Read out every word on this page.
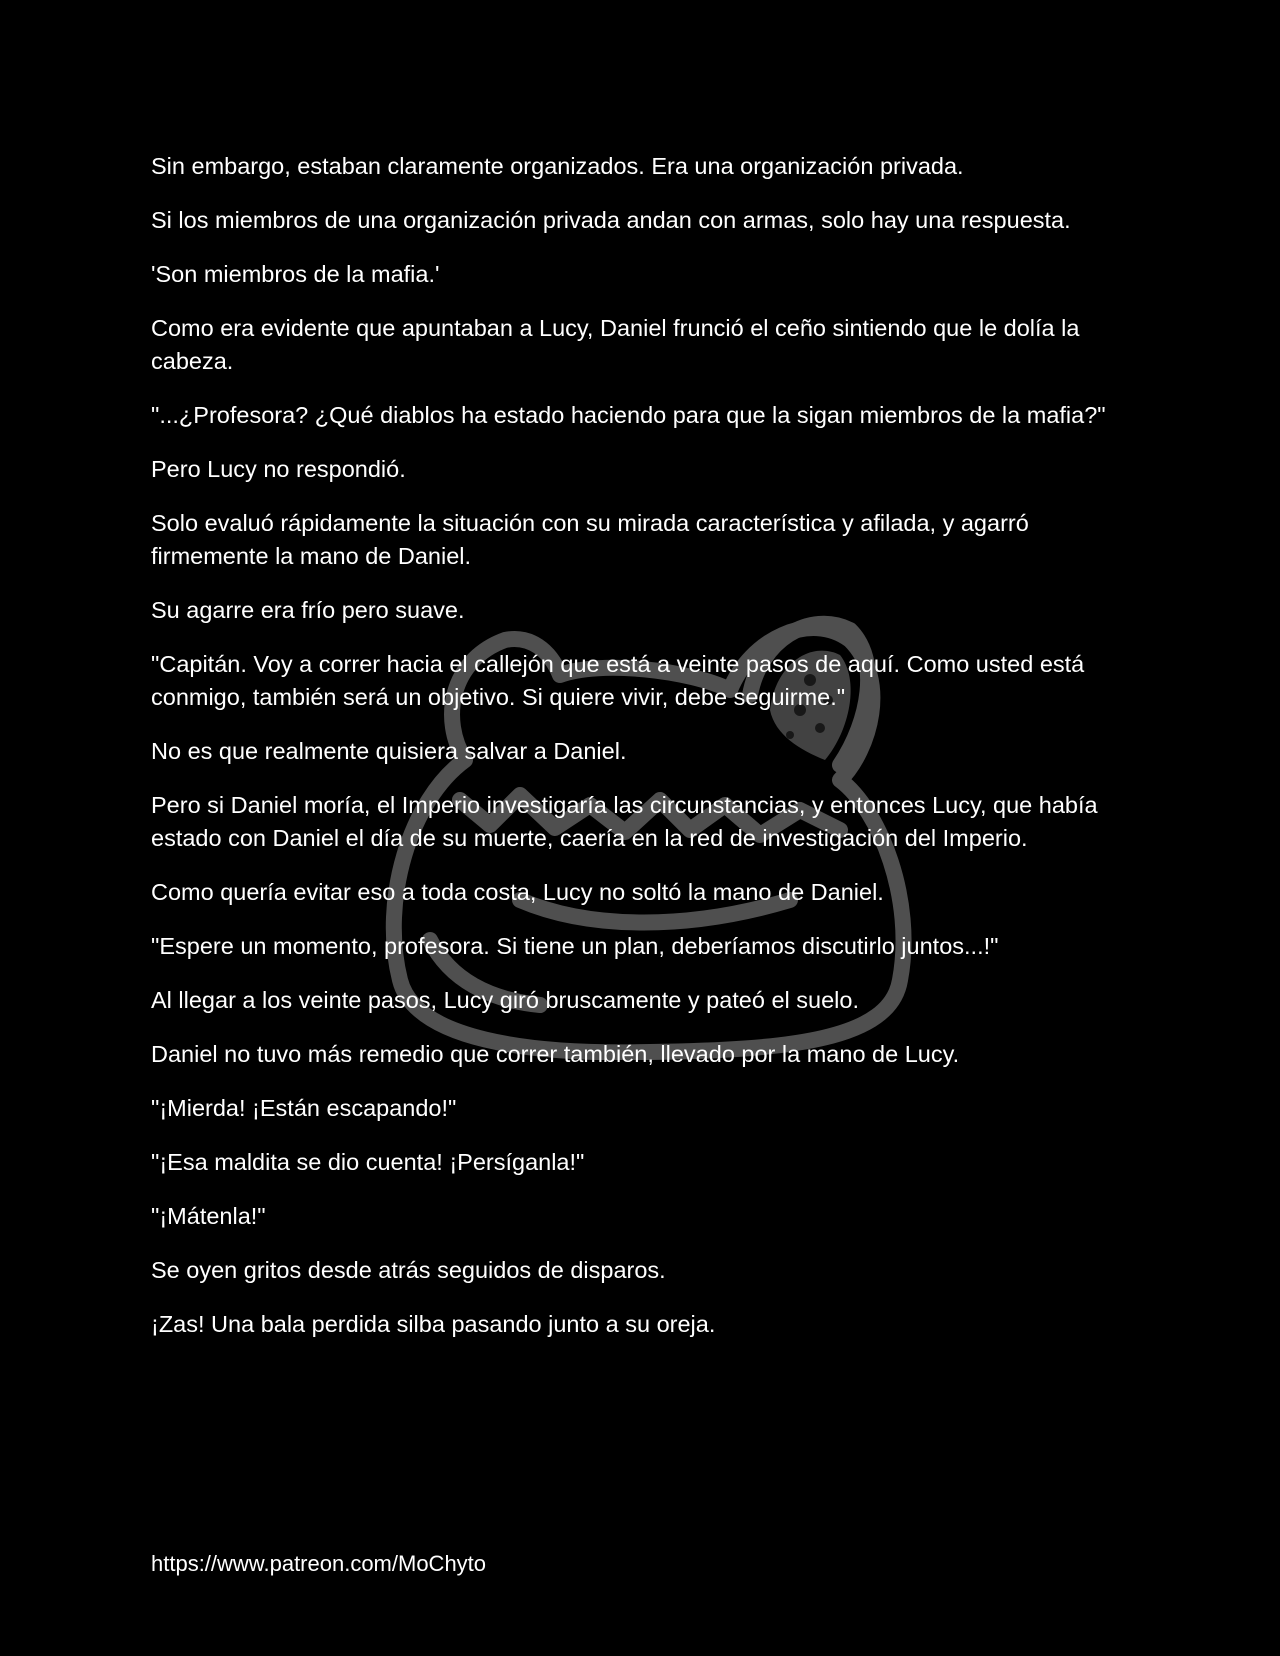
Sin embargo, estaban claramente organizados. Era una organización privada.

Si los miembros de una organización privada andan con armas, solo hay una respuesta.

'Son miembros de la mafia.'

Como era evidente que apuntaban a Lucy, Daniel frunció el ceño sintiendo que le dolía la cabeza.

"...¿Profesora? ¿Qué diablos ha estado haciendo para que la sigan miembros de la mafia?"

Pero Lucy no respondió.

Solo evaluó rápidamente la situación con su mirada característica y afilada, y agarró firmemente la mano de Daniel.

Su agarre era frío pero suave.

"Capitán. Voy a correr hacia el callejón que está a veinte pasos de aquí. Como usted está conmigo, también será un objetivo. Si quiere vivir, debe seguirme."

No es que realmente quisiera salvar a Daniel.

Pero si Daniel moría, el Imperio investigaría las circunstancias, y entonces Lucy, que había estado con Daniel el día de su muerte, caería en la red de investigación del Imperio.

Como quería evitar eso a toda costa, Lucy no soltó la mano de Daniel.

"Espere un momento, profesora. Si tiene un plan, deberíamos discutirlo juntos...!"

Al llegar a los veinte pasos, Lucy giró bruscamente y pateó el suelo.

Daniel no tuvo más remedio que correr también, llevado por la mano de Lucy.

"¡Mierda! ¡Están escapando!"

"¡Esa maldita se dio cuenta! ¡Persíganla!"

"¡Mátenla!"

Se oyen gritos desde atrás seguidos de disparos.

¡Zas! Una bala perdida silba pasando junto a su oreja.

https://www.patreon.com/MoChyto
